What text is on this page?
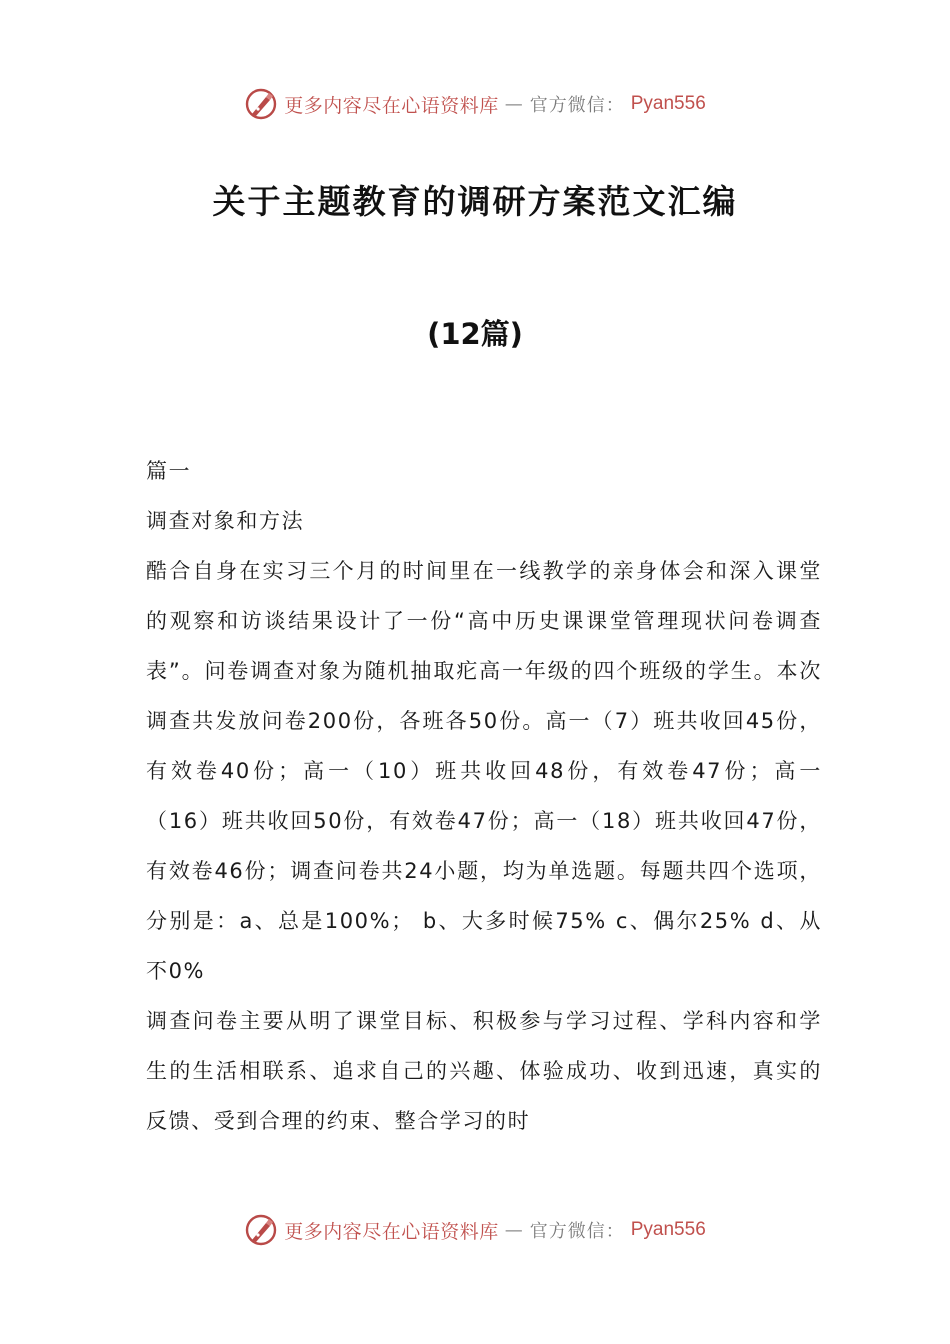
更多内容尽在心语资料库 — 官方微信： Pyan556
关于主题教育的调研方案范文汇编
(12篇)

篇一

调查对象和方法

酷合自身在实习三个月的时间里在一线教学的亲身体会和深入课堂的观察和访谈结果设计了一份“高中历史课课堂管理现状问卷调查表”。问卷调查对象为随机抽取疕高一年级的四个班级的学生。本次调查共发放问卷200份，各班各50份。高一（7）班共收回45份，有效卷40份；高一（10）班共收回48份，有效卷47份；高一（16）班共收回50份，有效卷47份；高一（18）班共收回47份，有效卷46份；调查问卷共24小题，均为单选题。每题共四个选项，分别是：a、总是100%； b、大多时候75% c、偶尔25% d、从不0%

调查问卷主要从明了课堂目标、积极参与学习过程、学科内容和学生的生活相联系、追求自己的兴趣、体验成功、收到迅速，真实的反馈、受到合理的约束、整合学习的时

更多内容尽在心语资料库 — 官方微信： Pyan556
